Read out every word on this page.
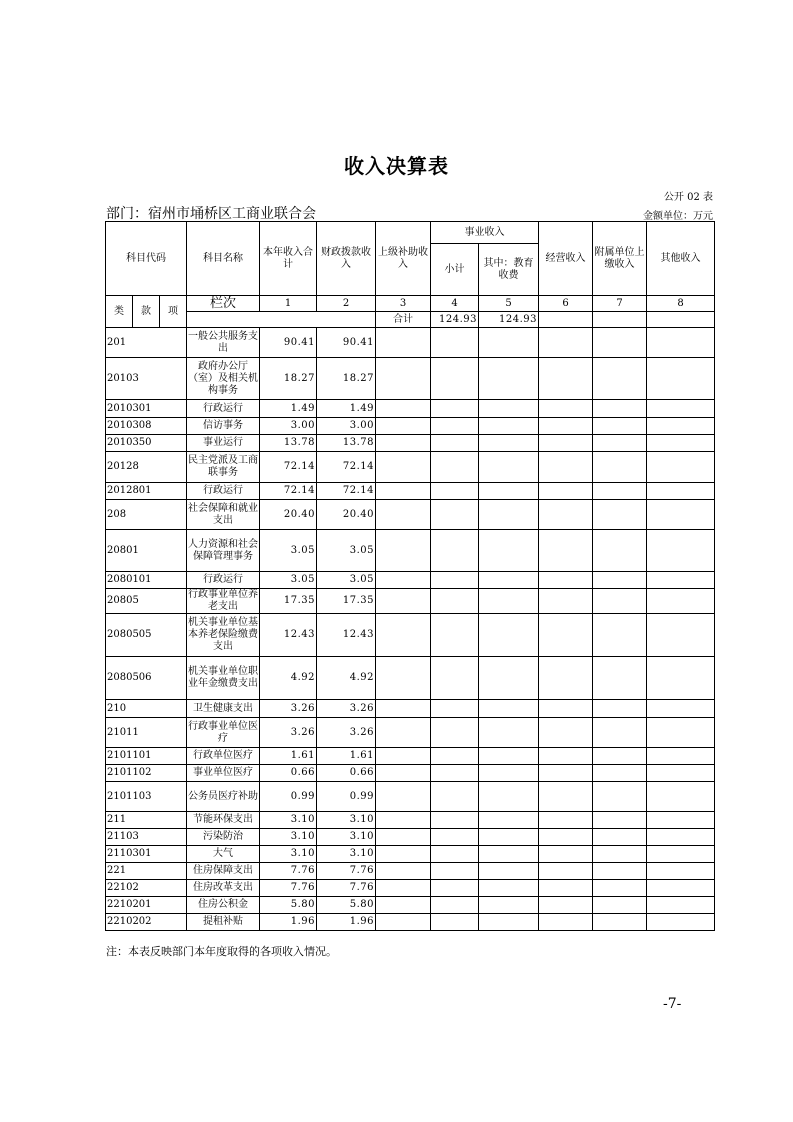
收入决算表
公开 02 表
部门：宿州市埇桥区工商业联合会	金额单位：万元
科目代码			科目名称	本年收入合计	财政拨款收入	上级补助收入	事业收入		经营收入	附属单位上缴收入	其他收入	
							小计	其中：教育收费				
类	款	项	栏次	1	2	3	4	5	6	7	8	
						合计	124.93	124.93						
201			一般公共服务支出	90.41	90.41							
20103			政府办公厅（室）及相关机构事务	18.27	18.27							
2010301			行政运行	1.49	1.49							
2010308			信访事务	3.00	3.00							
2010350			事业运行	13.78	13.78							
20128			民主党派及工商联事务	72.14	72.14							
2012801			行政运行	72.14	72.14							
208			社会保障和就业支出	20.40	20.40							
20801			人力资源和社会保障管理事务	3.05	3.05							
2080101			行政运行	3.05	3.05							
20805			行政事业单位养老支出	17.35	17.35							
2080505			机关事业单位基本养老保险缴费支出	12.43	12.43							
2080506			机关事业单位职业年金缴费支出	4.92	4.92							
210			卫生健康支出	3.26	3.26							
21011			行政事业单位医疗	3.26	3.26							
2101101			行政单位医疗	1.61	1.61							
2101102			事业单位医疗	0.66	0.66							
2101103			公务员医疗补助	0.99	0.99							
211			节能环保支出	3.10	3.10							
21103			污染防治	3.10	3.10							
2110301			大气	3.10	3.10							
221			住房保障支出	7.76	7.76							
22102			住房改革支出	7.76	7.76							
2210201			住房公积金	5.80	5.80							
2210202			提租补贴	1.96	1.96							
注：本表反映部门本年度取得的各项收入情况。
-7-
